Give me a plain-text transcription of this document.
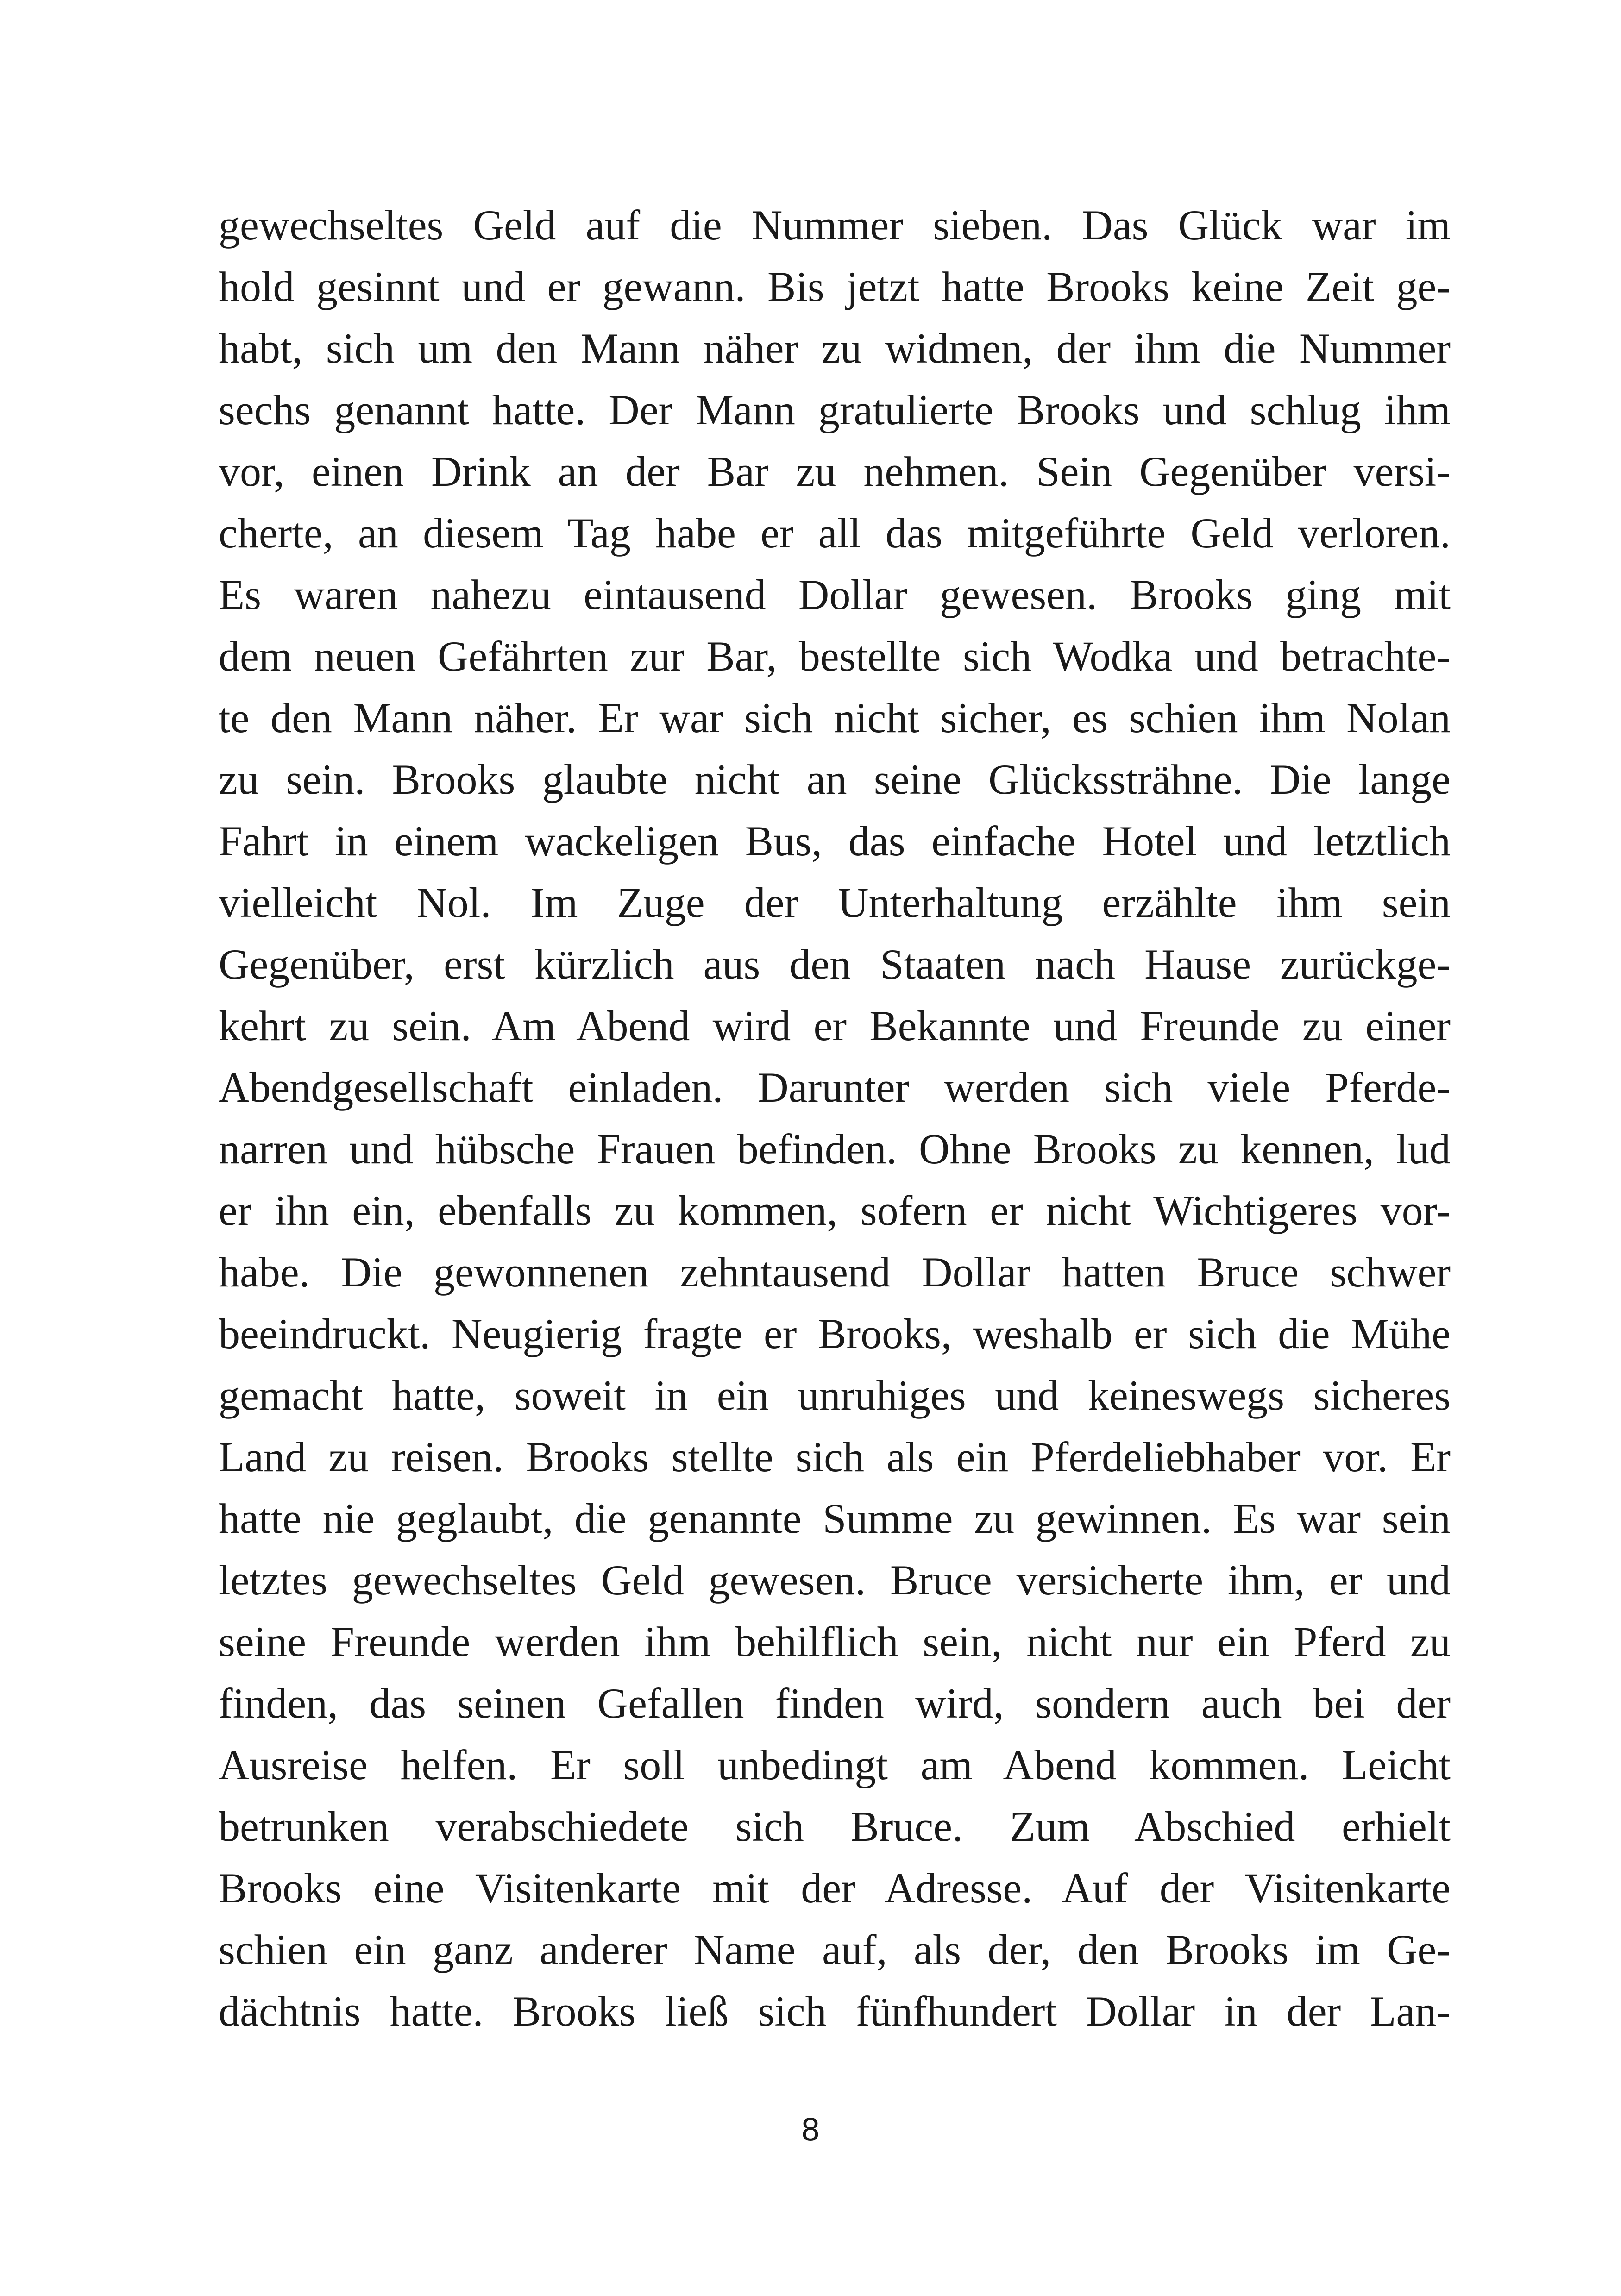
gewechseltes Geld auf die Nummer sieben. Das Glück war im
hold gesinnt und er gewann. Bis jetzt hatte Brooks keine Zeit ge-
habt, sich um den Mann näher zu widmen, der ihm die Nummer
sechs genannt hatte. Der Mann gratulierte Brooks und schlug ihm
vor, einen Drink an der Bar zu nehmen. Sein Gegenüber versi-
cherte, an diesem Tag habe er all das mitgeführte Geld verloren.
Es waren nahezu eintausend Dollar gewesen. Brooks ging mit
dem neuen Gefährten zur Bar, bestellte sich Wodka und betrachte-
te den Mann näher. Er war sich nicht sicher, es schien ihm Nolan
zu sein. Brooks glaubte nicht an seine Glückssträhne. Die lange
Fahrt in einem wackeligen Bus, das einfache Hotel und letztlich
vielleicht Nol. Im Zuge der Unterhaltung erzählte ihm sein
Gegenüber, erst kürzlich aus den Staaten nach Hause zurückge-
kehrt zu sein. Am Abend wird er Bekannte und Freunde zu einer
Abendgesellschaft einladen. Darunter werden sich viele Pferde-
narren und hübsche Frauen befinden. Ohne Brooks zu kennen, lud
er ihn ein, ebenfalls zu kommen, sofern er nicht Wichtigeres vor-
habe. Die gewonnenen zehntausend Dollar hatten Bruce schwer
beeindruckt. Neugierig fragte er Brooks, weshalb er sich die Mühe
gemacht hatte, soweit in ein unruhiges und keineswegs sicheres
Land zu reisen. Brooks stellte sich als ein Pferdeliebhaber vor. Er
hatte nie geglaubt, die genannte Summe zu gewinnen. Es war sein
letztes gewechseltes Geld gewesen. Bruce versicherte ihm, er und
seine Freunde werden ihm behilflich sein, nicht nur ein Pferd zu
finden, das seinen Gefallen finden wird, sondern auch bei der
Ausreise helfen. Er soll unbedingt am Abend kommen. Leicht
betrunken verabschiedete sich Bruce. Zum Abschied erhielt
Brooks eine Visitenkarte mit der Adresse. Auf der Visitenkarte
schien ein ganz anderer Name auf, als der, den Brooks im Ge-
dächtnis hatte. Brooks ließ sich fünfhundert Dollar in der Lan-
8
